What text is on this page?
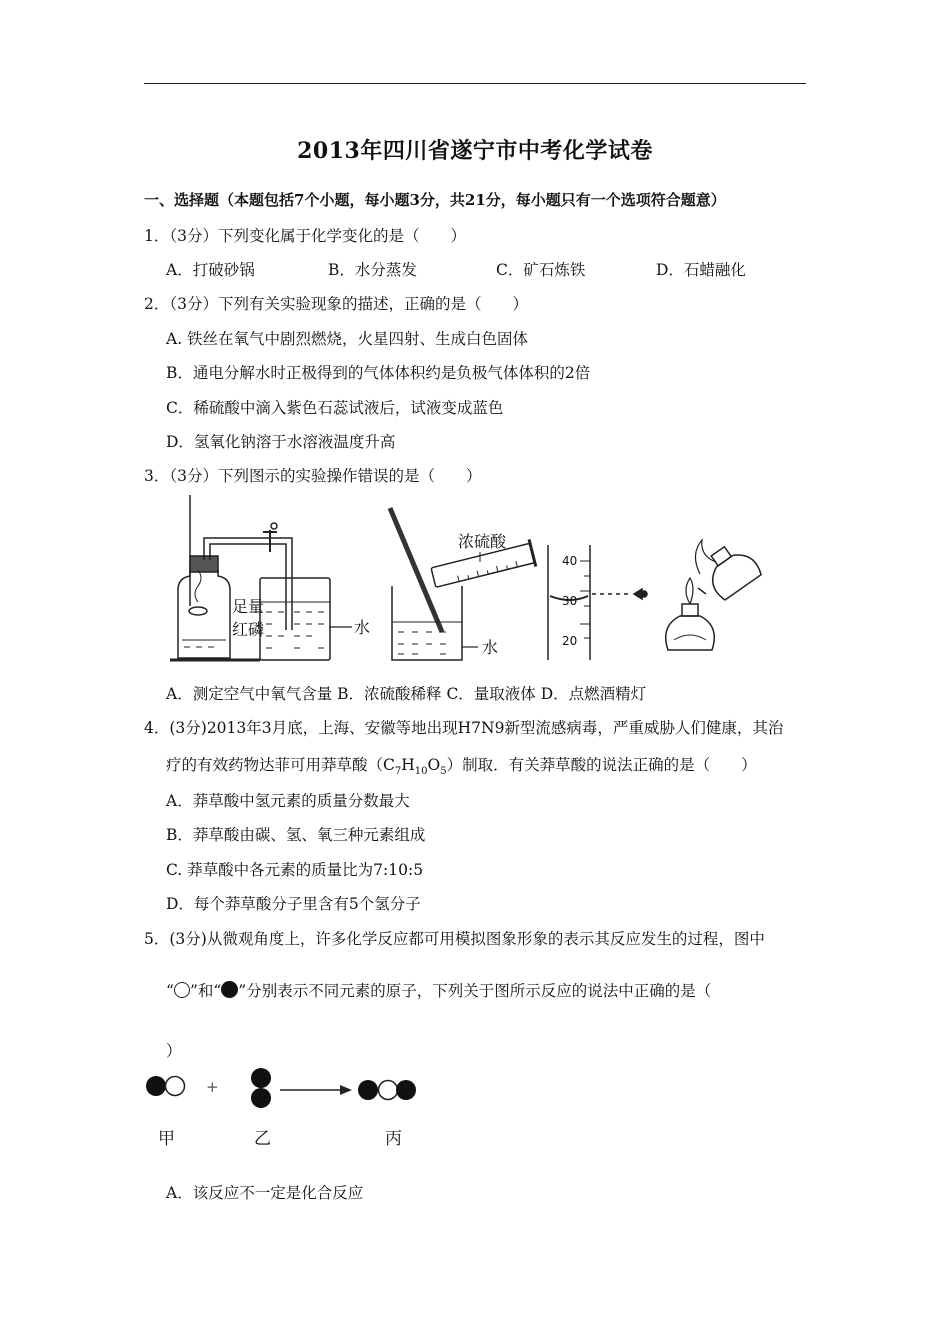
2013年四川省遂宁市中考化学试卷
一、选择题（本题包括7个小题，每小题3分，共21分，每小题只有一个选项符合题意）
1．（3分）下列变化属于化学变化的是（　　）
A．打破砂锅	B．水分蒸发	C．矿石炼铁	D．石蜡融化
2．（3分）下列有关实验现象的描述，正确的是（　　）
A. 铁丝在氧气中剧烈燃烧，火星四射、生成白色固体
B．通电分解水时正极得到的气体体积约是负极气体体积的2倍
C．稀硫酸中滴入紫色石蕊试液后，试液变成蓝色
D．氢氧化钠溶于水溶液温度升高
3．（3分）下列图示的实验操作错误的是（　　）
足量
红磷	水
浓硫酸
水
40
30
20
A．测定空气中氧气含量 B．浓硫酸稀释 C．量取液体 D．点燃酒精灯
4．(3分)2013年3月底，上海、安徽等地出现H7N9新型流感病毒，严重威胁人们健康，其治
疗的有效药物达菲可用莽草酸$(C_7H_{10}O_5)$制取．有关莽草酸的说法正确的是（　　）
A．莽草酸中氢元素的质量分数最大
B．莽草酸由碳、氢、氧三种元素组成
C. 莽草酸中各元素的质量比为7:10:5
D．每个莽草酸分子里含有5个氢分子
5．(3分)从微观角度上，许多化学反应都可用模拟图象形象的表示其反应发生的过程，图中
“ ”和“ ”分别表示不同元素的原子，下列关于图所示反应的说法中正确的是（
）
+
甲	乙	丙
A．该反应不一定是化合反应
